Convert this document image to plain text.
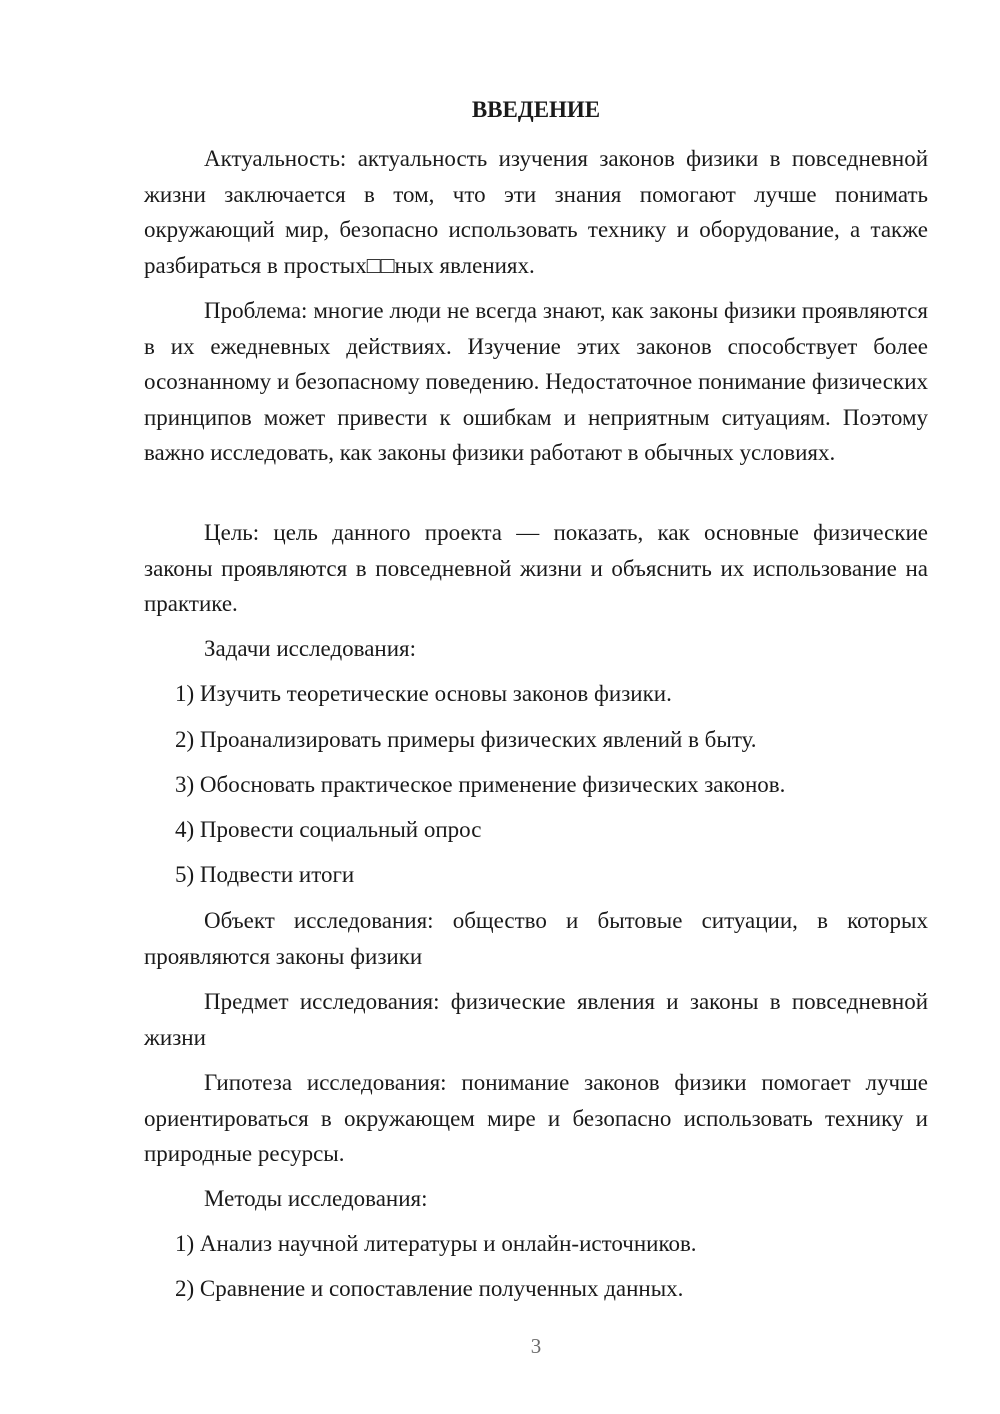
ВВЕДЕНИЕ
Актуальность: актуальность изучения законов физики в повседневной жизни заключается в том, что эти знания помогают лучше понимать окружающий мир, безопасно использовать технику и оборудование, а также разбираться в простых□□ных явлениях.
Проблема: многие люди не всегда знают, как законы физики проявляются в их ежедневных действиях. Изучение этих законов способствует более осознанному и безопасному поведению. Недостаточное понимание физических принципов может привести к ошибкам и неприятным ситуациям. Поэтому важно исследовать, как законы физики работают в обычных условиях.
Цель: цель данного проекта — показать, как основные физические законы проявляются в повседневной жизни и объяснить их использование на практике.
Задачи исследования:
1) Изучить теоретические основы законов физики.
2) Проанализировать примеры физических явлений в быту.
3) Обосновать практическое применение физических законов.
4) Провести социальный опрос
5) Подвести итоги
Объект исследования: общество и бытовые ситуации, в которых проявляются законы физики
Предмет исследования: физические явления и законы в повседневной жизни
Гипотеза исследования: понимание законов физики помогает лучше ориентироваться в окружающем мире и безопасно использовать технику и природные ресурсы.
Методы исследования:
1) Анализ научной литературы и онлайн-источников.
2) Сравнение и сопоставление полученных данных.
3
